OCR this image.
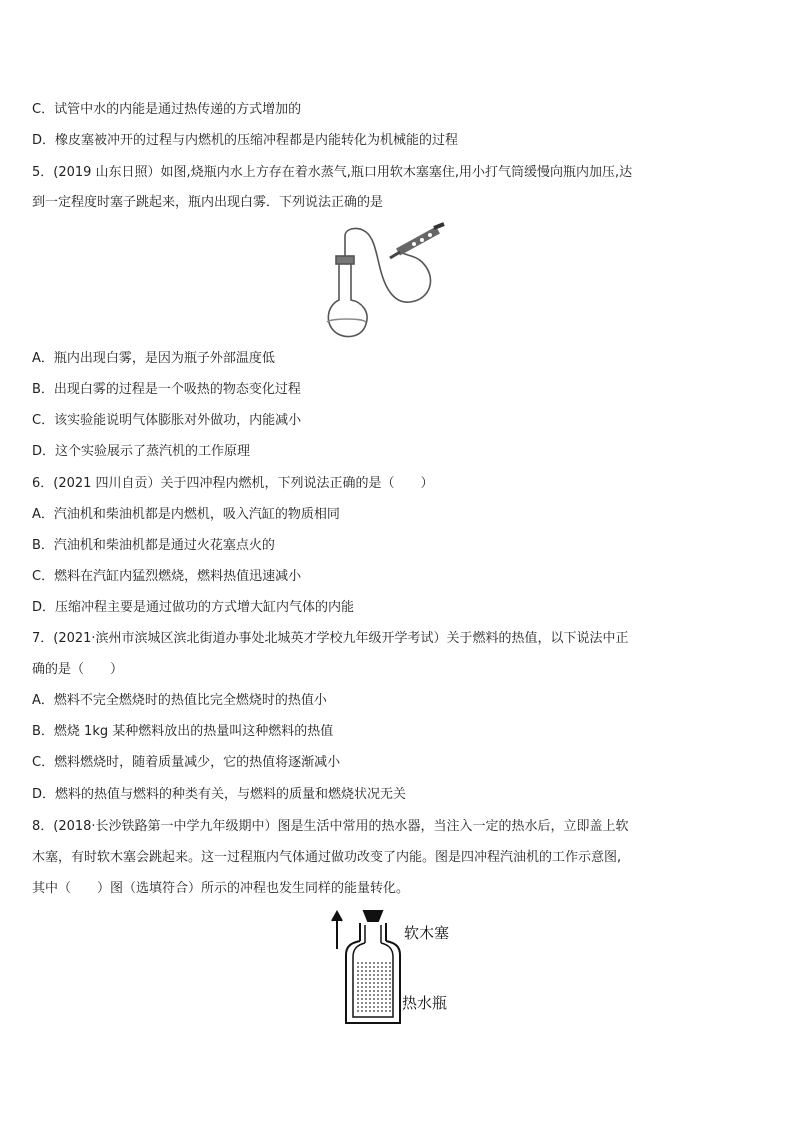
C．试管中水的内能是通过热传递的方式增加的
D．橡皮塞被冲开的过程与内燃机的压缩冲程都是内能转化为机械能的过程
5．(2019 山东日照）如图,烧瓶内水上方存在着水蒸气,瓶口用软木塞塞住,用小打气筒缓慢向瓶内加压,达
到一定程度时塞子跳起来，瓶内出现白雾．下列说法正确的是
A．瓶内出现白雾，是因为瓶子外部温度低
B．出现白雾的过程是一个吸热的物态变化过程
C．该实验能说明气体膨胀对外做功，内能减小
D．这个实验展示了蒸汽机的工作原理
6．(2021 四川自贡）关于四冲程内燃机，下列说法正确的是（　　）
A．汽油机和柴油机都是内燃机，吸入汽缸的物质相同
B．汽油机和柴油机都是通过火花塞点火的
C．燃料在汽缸内猛烈燃烧，燃料热值迅速减小
D．压缩冲程主要是通过做功的方式增大缸内气体的内能
7．(2021·滨州市滨城区滨北街道办事处北城英才学校九年级开学考试）关于燃料的热值，以下说法中正
确的是（　　）
A．燃料不完全燃烧时的热值比完全燃烧时的热值小
B．燃烧 1kg 某种燃料放出的热量叫这种燃料的热值
C．燃料燃烧时，随着质量减少，它的热值将逐渐减小
D．燃料的热值与燃料的种类有关，与燃料的质量和燃烧状况无关
8．(2018·长沙铁路第一中学九年级期中）图是生活中常用的热水器，当注入一定的热水后，立即盖上软
木塞，有时软木塞会跳起来。这一过程瓶内气体通过做功改变了内能。图是四冲程汽油机的工作示意图,
其中（　　）图（选填符合）所示的冲程也发生同样的能量转化。
软木塞
热水瓶
